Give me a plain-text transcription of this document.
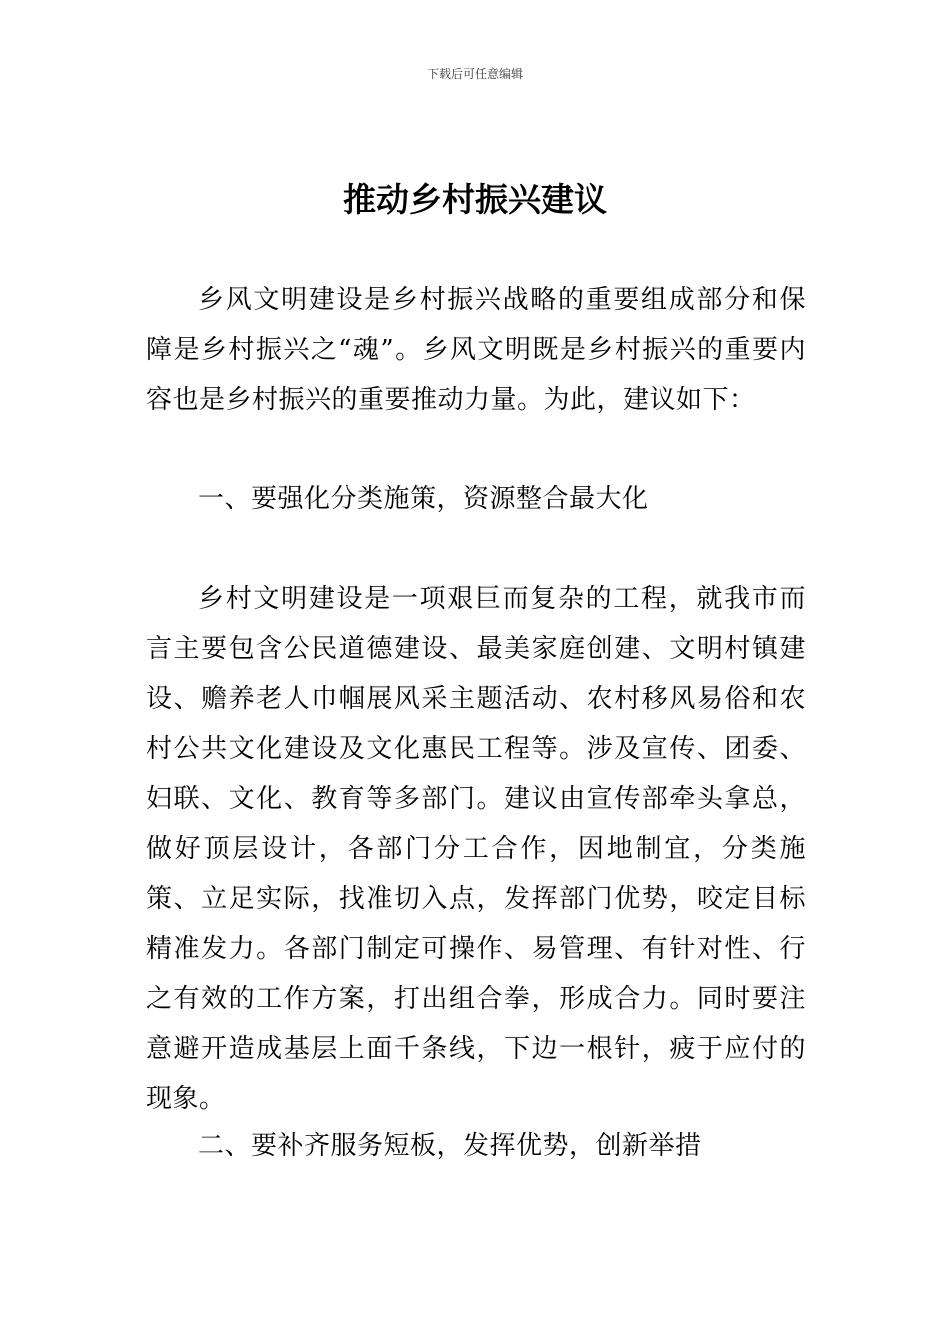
下载后可任意编辑
推动乡村振兴建议

乡风文明建设是乡村振兴战略的重要组成部分和保障是乡村振兴之“魂”。乡风文明既是乡村振兴的重要内容也是乡村振兴的重要推动力量。为此，建议如下：

一、要强化分类施策，资源整合最大化

乡村文明建设是一项艰巨而复杂的工程，就我市而言主要包含公民道德建设、最美家庭创建、文明村镇建设、赡养老人巾帼展风采主题活动、农村移风易俗和农村公共文化建设及文化惠民工程等。涉及宣传、团委、妇联、文化、教育等多部门。建议由宣传部牵头拿总，做好顶层设计，各部门分工合作，因地制宜，分类施策、立足实际，找准切入点，发挥部门优势，咬定目标精准发力。各部门制定可操作、易管理、有针对性、行之有效的工作方案，打出组合拳，形成合力。同时要注意避开造成基层上面千条线，下边一根针，疲于应付的现象。

二、要补齐服务短板，发挥优势，创新举措
